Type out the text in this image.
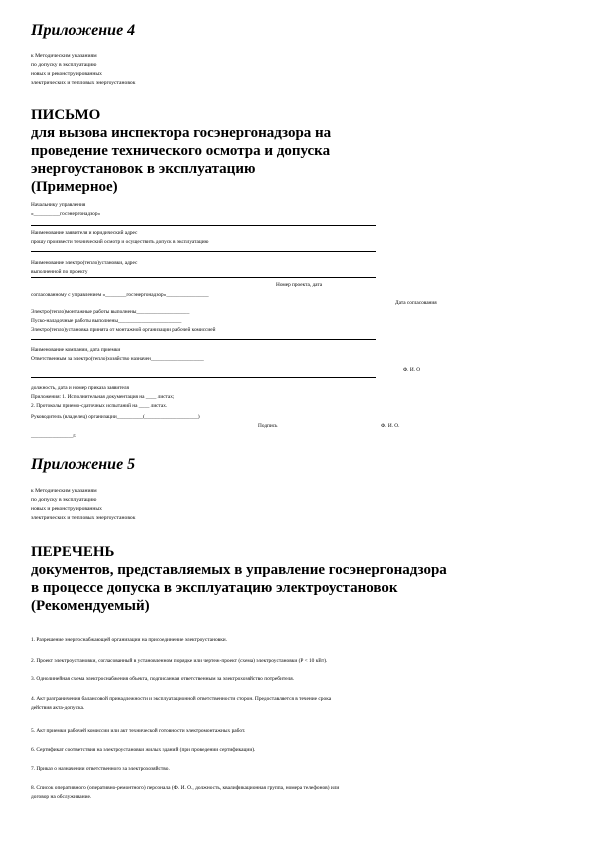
Приложение 4
к Методическим указаниям
по допуску в эксплуатацию
новых и реконструированных
электрических и тепловых энергоустановок
ПИСЬМО
для вызова инспектора госэнергонадзора на
проведение технического осмотра и допуска
энергоустановок в эксплуатацию
(Примерное)
Начальнику управления
«__________госэнергонадзор»
Наименование заявителя и юридический адрес
прошу произвести технический осмотр и осуществить допуск в эксплуатацию
Наименование электро(тепло)установки, адрес
выполненной по проекту
Номер проекта, дата
согласованному с управлением «________госэнергонадзор»________________
Дата согласования
Электро(тепло)монтажные работы выполнены____________________
Пуско-наладочные работы выполнены________________________
Электро(тепло)установка принята от монтажной организации рабочей комиссией
Наименование компании, дата приемки
Ответственным за электро(тепло)хозяйство назначен____________________
Ф. И. О
должность, дата и номер приказа заявителя
Приложения: 1. Исполнительная документация на ____ листах;
2. Протоколы приемо-сдаточных испытаний на ____ листах.
Руководитель (владелец) организации__________(____________________)
Подпись	Ф. И. О.
________________г.
Приложение 5
к Методическим указаниям
по допуску в эксплуатацию
новых и реконструированных
электрических и тепловых энергоустановок
ПЕРЕЧЕНЬ
документов, представляемых в управление госэнергонадзора
в процессе допуска в эксплуатацию электроустановок
(Рекомендуемый)
1. Разрешение энергоснабжающей организации на присоединение электроустановки.
2. Проект электроустановки, согласованный в установленном порядке или чертеж-проект (схема) электроустановки (P < 10 кВт).
3. Однолинейная схема электроснабжения объекта, подписанная ответственным за электрохозяйство потребителя.
4. Акт разграничения балансовой принадлежности и эксплуатационной ответственности сторон. Предоставляется в течение срока
действия акта-допуска.
5. Акт приемки рабочей комиссии или акт технической готовности электромонтажных работ.
6. Сертификат соответствия на электроустановки жилых зданий (при проведении сертификации).
7. Приказ о назначении ответственного за электрохозяйство.
8. Список оперативного (оперативно-ремонтного) персонала (Ф. И. О., должность, квалификационная группа, номера телефонов) или
договор на обслуживание.
